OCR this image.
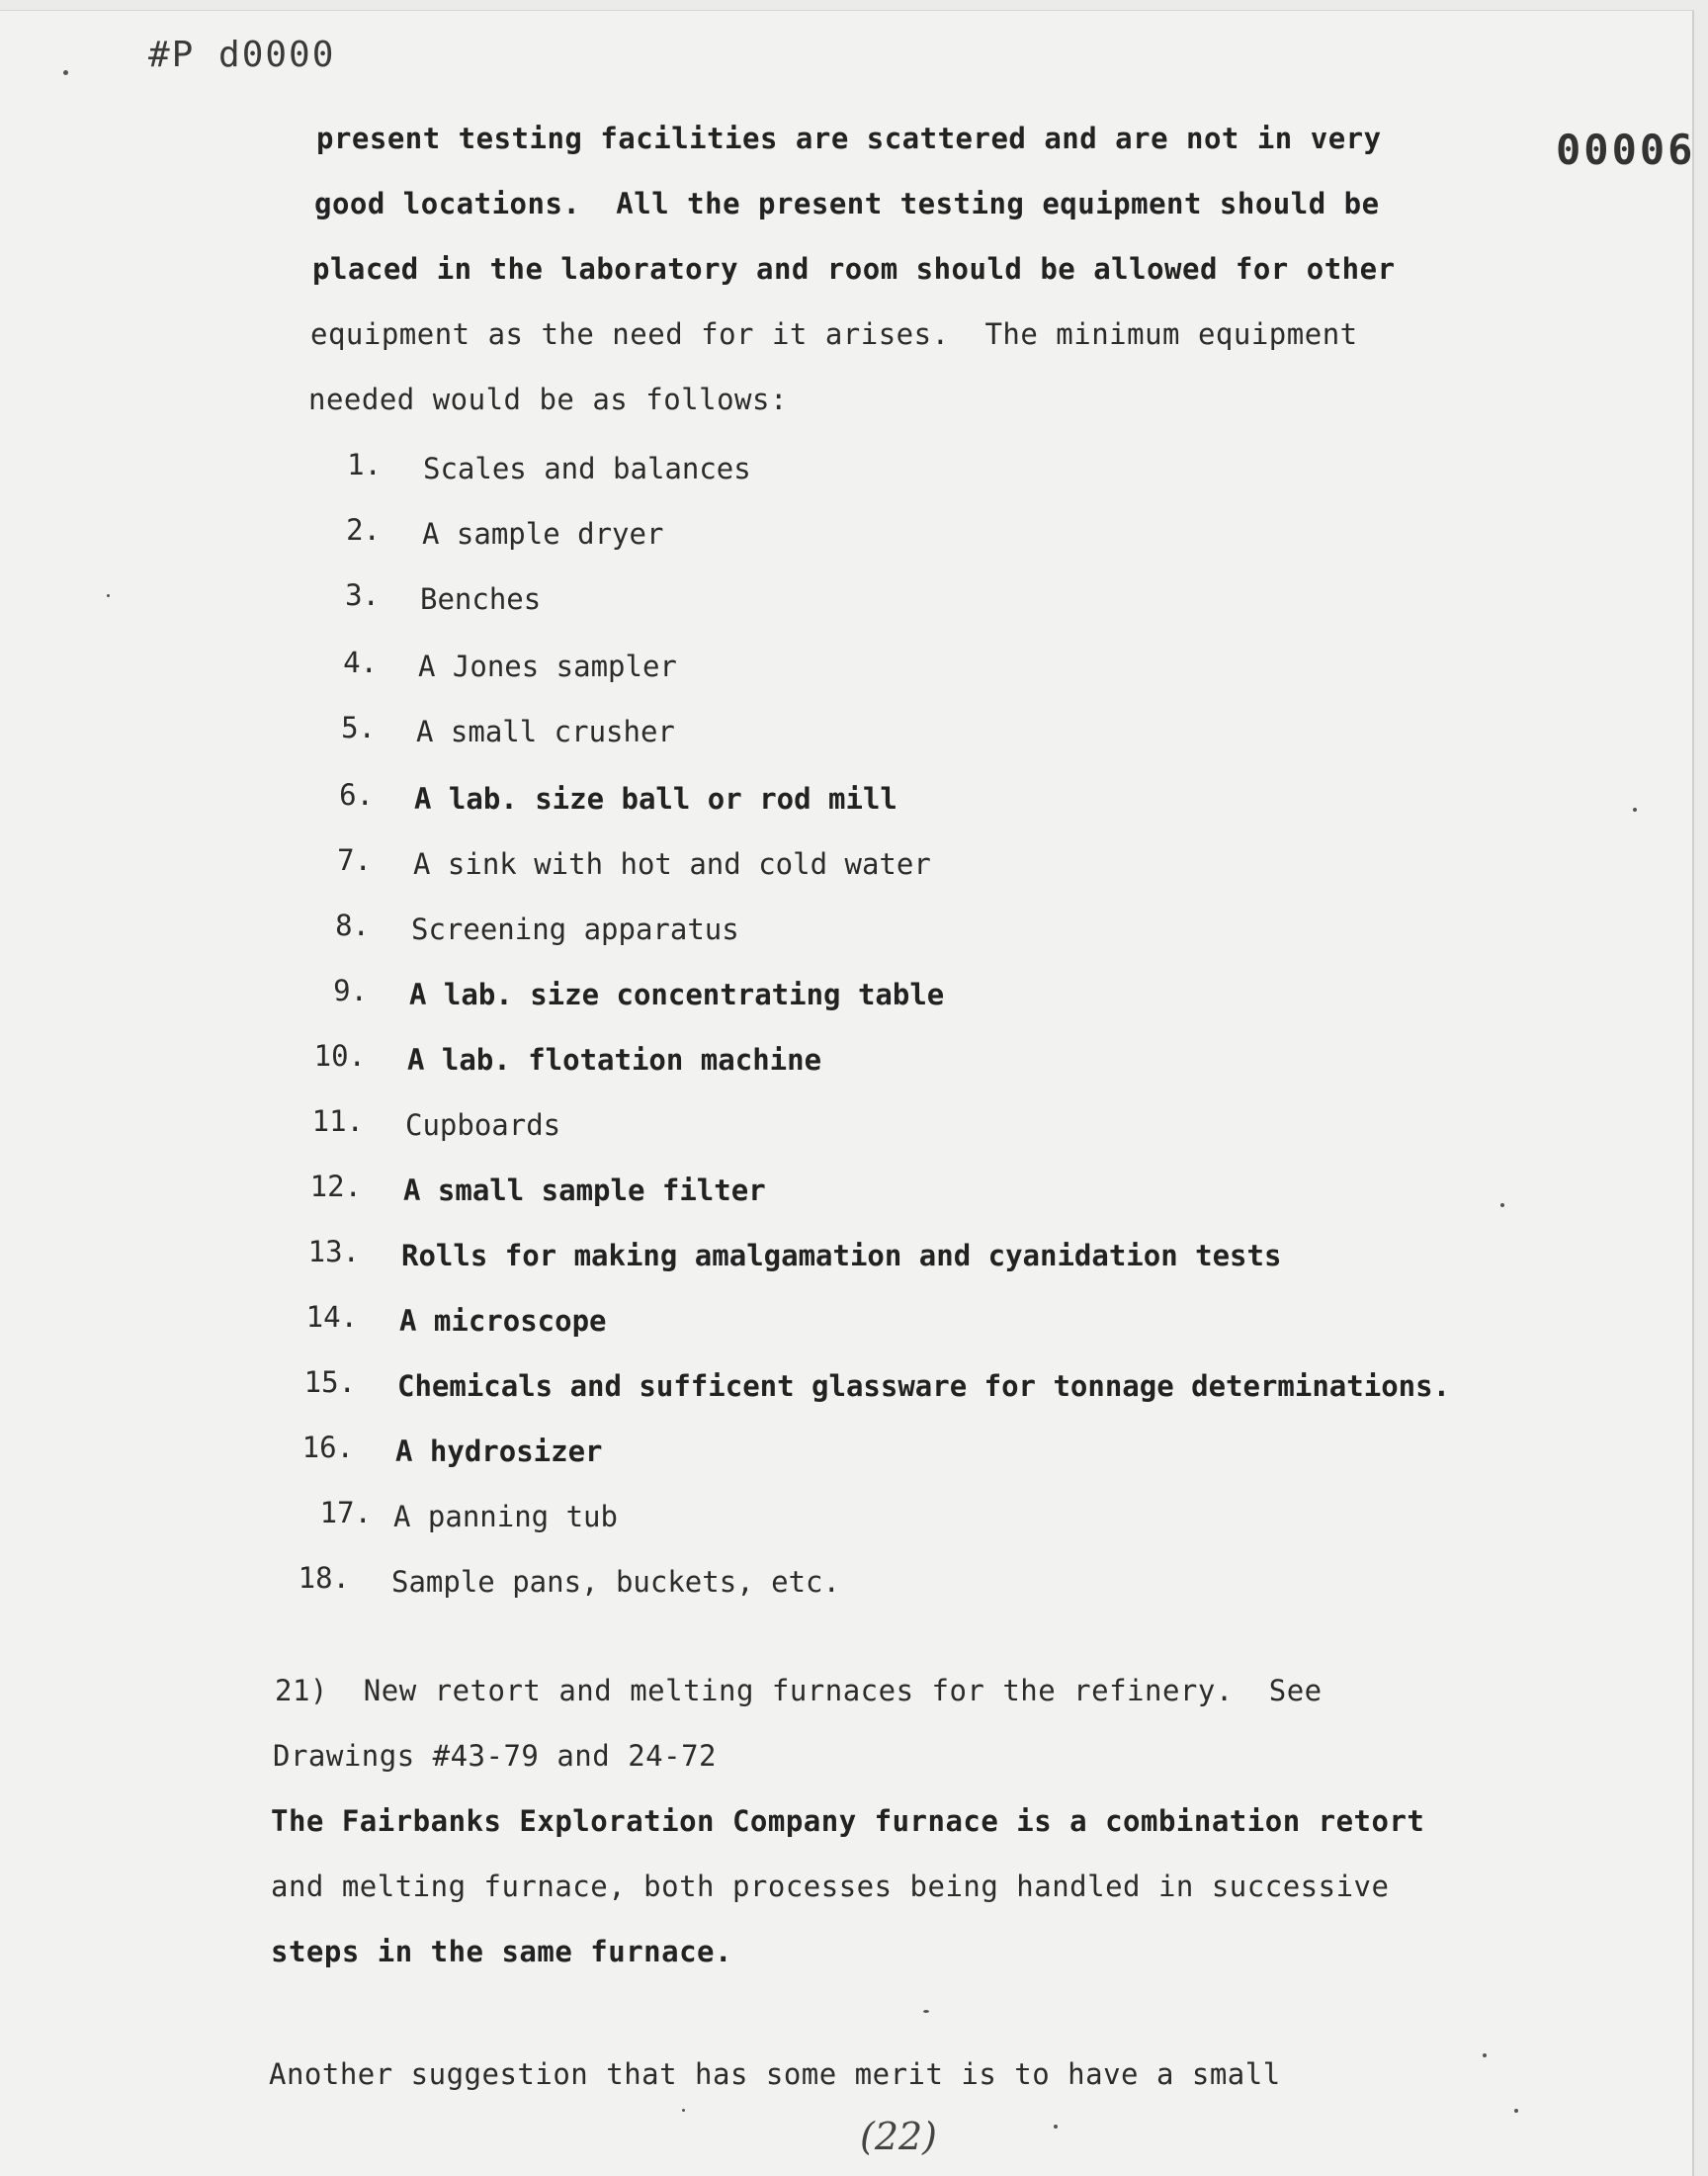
#P d0000
00006
present testing facilities are scattered and are not in very
good locations.  All the present testing equipment should be
placed in the laboratory and room should be allowed for other
equipment as the need for it arises.  The minimum equipment
needed would be as follows:
1. Scales and balances
2. A sample dryer
3. Benches
4. A Jones sampler
5. A small crusher
6. A lab. size ball or rod mill
7. A sink with hot and cold water
8. Screening apparatus
9. A lab. size concentrating table
10. A lab. flotation machine
11. Cupboards
12. A small sample filter
13. Rolls for making amalgamation and cyanidation tests
14. A microscope
15. Chemicals and sufficent glassware for tonnage determinations.
16. A hydrosizer
17. A panning tub
18. Sample pans, buckets, etc.
21)  New retort and melting furnaces for the refinery.  See
Drawings #43-79 and 24-72
The Fairbanks Exploration Company furnace is a combination retort
and melting furnace, both processes being handled in successive
steps in the same furnace.
Another suggestion that has some merit is to have a small
(22)
